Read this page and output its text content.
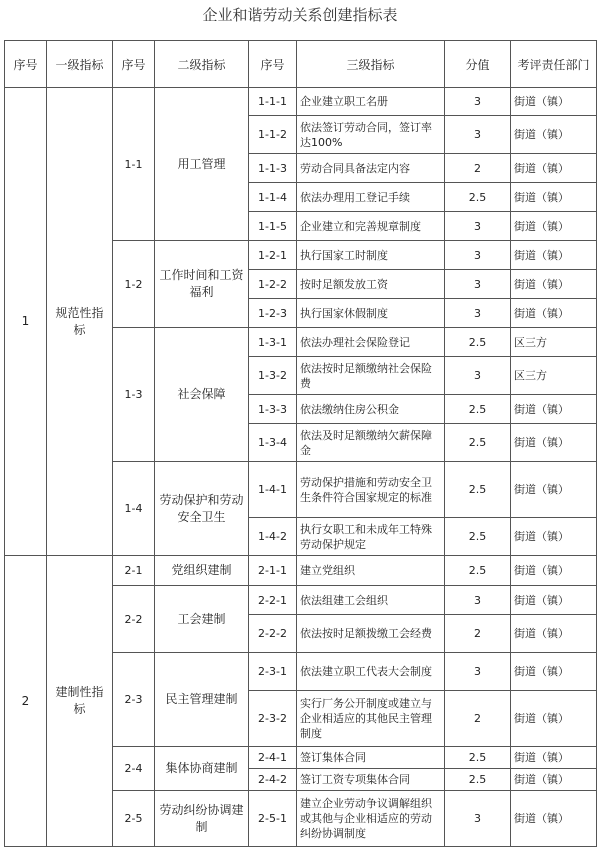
企业和谐劳动关系创建指标表
序号	一级指标	序号	二级指标	序号	三级指标	分值	考评责任部门
1	规范性指标	1-1	用工管理	1-1-1	企业建立职工名册	3	街道（镇）
				1-1-2	依法签订劳动合同，签订率达100%	3	街道（镇）
				1-1-3	劳动合同具备法定内容	2	街道（镇）
				1-1-4	依法办理用工登记手续	2.5	街道（镇）
				1-1-5	企业建立和完善规章制度	3	街道（镇）
		1-2	工作时间和工资福利	1-2-1	执行国家工时制度	3	街道（镇）
				1-2-2	按时足额发放工资	3	街道（镇）
				1-2-3	执行国家休假制度	3	街道（镇）
		1-3	社会保障	1-3-1	依法办理社会保险登记	2.5	区三方
				1-3-2	依法按时足额缴纳社会保险费	3	区三方
				1-3-3	依法缴纳住房公积金	2.5	街道（镇）
				1-3-4	依法及时足额缴纳欠薪保障金	2.5	街道（镇）
		1-4	劳动保护和劳动安全卫生	1-4-1	劳动保护措施和劳动安全卫生条件符合国家规定的标准	2.5	街道（镇）
				1-4-2	执行女职工和未成年工特殊劳动保护规定	2.5	街道（镇）
2	建制性指标	2-1	党组织建制	2-1-1	建立党组织	2.5	街道（镇）
		2-2	工会建制	2-2-1	依法组建工会组织	3	街道（镇）
				2-2-2	依法按时足额拨缴工会经费	2	街道（镇）
		2-3	民主管理建制	2-3-1	依法建立职工代表大会制度	3	街道（镇）
				2-3-2	实行厂务公开制度或建立与企业相适应的其他民主管理制度	2	街道（镇）
		2-4	集体协商建制	2-4-1	签订集体合同	2.5	街道（镇）
				2-4-2	签订工资专项集体合同	2.5	街道（镇）
		2-5	劳动纠纷协调建制	2-5-1	建立企业劳动争议调解组织或其他与企业相适应的劳动纠纷协调制度	3	街道（镇）
